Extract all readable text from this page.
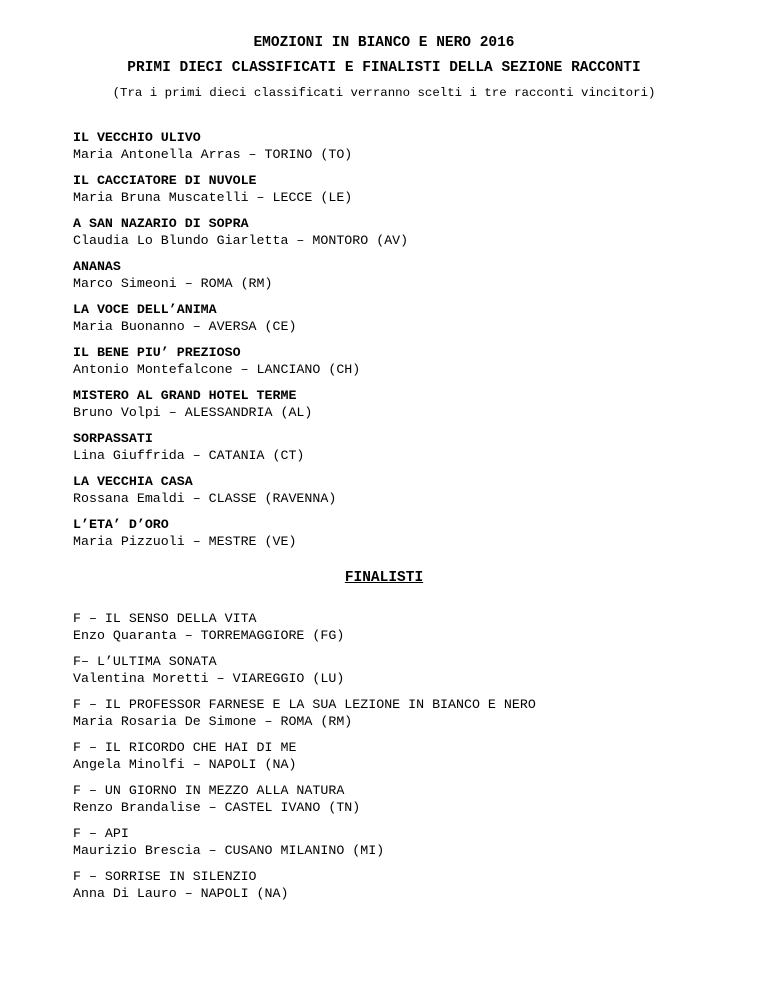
EMOZIONI IN BIANCO E NERO 2016
PRIMI DIECI CLASSIFICATI E FINALISTI DELLA SEZIONE RACCONTI
(Tra i primi dieci classificati verranno scelti i tre racconti vincitori)
IL VECCHIO ULIVO
Maria Antonella Arras – TORINO (TO)
IL CACCIATORE DI NUVOLE
Maria Bruna Muscatelli – LECCE (LE)
A SAN NAZARIO DI SOPRA
Claudia Lo Blundo Giarletta – MONTORO (AV)
ANANAS
Marco Simeoni – ROMA (RM)
LA VOCE DELL’ANIMA
Maria Buonanno – AVERSA (CE)
IL BENE PIU’ PREZIOSO
Antonio Montefalcone – LANCIANO (CH)
MISTERO AL GRAND HOTEL TERME
Bruno Volpi – ALESSANDRIA (AL)
SORPASSATI
Lina Giuffrida – CATANIA (CT)
LA VECCHIA CASA
Rossana Emaldi – CLASSE (RAVENNA)
L’ETA’ D’ORO
Maria Pizzuoli – MESTRE (VE)
FINALISTI
F – IL SENSO DELLA VITA
Enzo Quaranta – TORREMAGGIORE (FG)
F– L’ULTIMA SONATA
Valentina Moretti – VIAREGGIO (LU)
F – IL PROFESSOR FARNESE E LA SUA LEZIONE IN BIANCO E NERO
Maria Rosaria De Simone – ROMA (RM)
F – IL RICORDO CHE HAI DI ME
Angela Minolfi – NAPOLI (NA)
F – UN GIORNO IN MEZZO ALLA NATURA
Renzo Brandalise – CASTEL IVANO (TN)
F – API
Maurizio Brescia – CUSANO MILANINO (MI)
F – SORRISE IN SILENZIO
Anna Di Lauro – NAPOLI (NA)
